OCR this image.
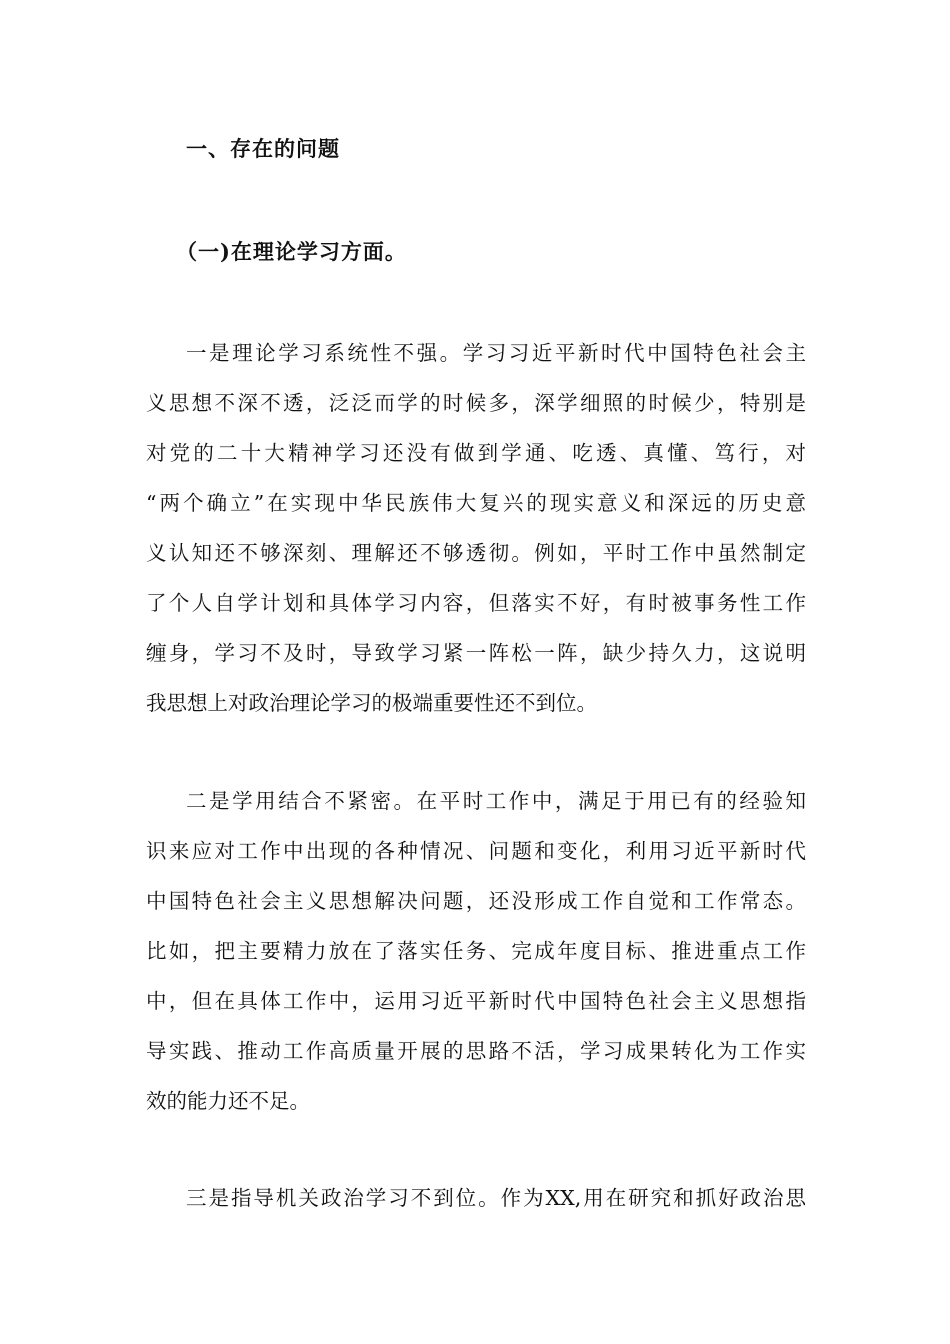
一、存在的问题
（一)在理论学习方面。
一是理论学习系统性不强。学习习近平新时代中国特色社会主
义思想不深不透，泛泛而学的时候多，深学细照的时候少，特别是
对党的二十大精神学习还没有做到学通、吃透、真懂、笃行，对
“两个确立”在实现中华民族伟大复兴的现实意义和深远的历史意
义认知还不够深刻、理解还不够透彻。例如，平时工作中虽然制定
了个人自学计划和具体学习内容，但落实不好，有时被事务性工作
缠身，学习不及时，导致学习紧一阵松一阵，缺少持久力，这说明
我思想上对政治理论学习的极端重要性还不到位。
二是学用结合不紧密。在平时工作中，满足于用已有的经验知
识来应对工作中出现的各种情况、问题和变化，利用习近平新时代
中国特色社会主义思想解决问题，还没形成工作自觉和工作常态。
比如，把主要精力放在了落实任务、完成年度目标、推进重点工作
中，但在具体工作中，运用习近平新时代中国特色社会主义思想指
导实践、推动工作高质量开展的思路不活，学习成果转化为工作实
效的能力还不足。
三是指导机关政治学习不到位。作为XX,用在研究和抓好政治思
